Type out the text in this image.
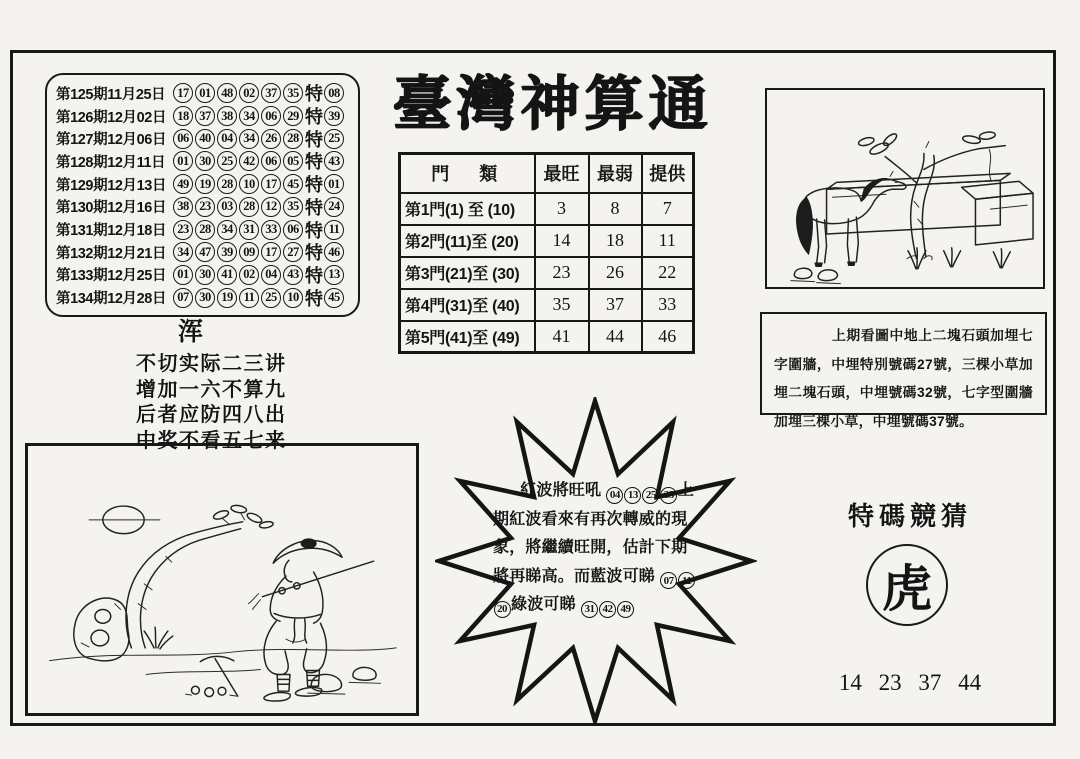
第125期11月25日 17 01 48 02 37 35 特 08
第126期12月02日 18 37 38 34 06 29 特 39
第127期12月06日 06 40 04 34 26 28 特 25
第128期12月11日 01 30 25 42 06 05 特 43
第129期12月13日 49 19 28 10 17 45 特 01
第130期12月16日 38 23 03 28 12 35 特 24
第131期12月18日 23 28 34 31 33 06 特 11
第132期12月21日 34 47 39 09 17 27 特 46
第133期12月25日 01 30 41 02 04 43 特 13
第134期12月28日 07 30 19 11 25 10 特 45
臺灣神算通
門　類	最旺	最弱	提供
第1門(1) 至 (10)	3	8	7
第2門(11)至 (20)	14	18	11
第3門(21)至 (30)	23	26	22
第4門(31)至 (40)	35	37	33
第5門(41)至 (49)	41	44	46	上期看圖中地上二塊石頭加埋七字圍牆，中埋特別號碼27號，三棵小草加埋二塊石頭，中埋號碼32號，七字型圍牆加埋三棵小草，中埋號碼37號。

浑
不切实际二三讲
增加一六不算九
后者应防四八出
中奖不看五七来
紅波將旺吼 04 13 25 33 上期紅波看來有再次轉威的現象，將繼續旺開，估計下期將再睇高。而藍波可睇 07 1120 綠波可睇 31 42 49
特碼競猜
虎
14 23 37 44
